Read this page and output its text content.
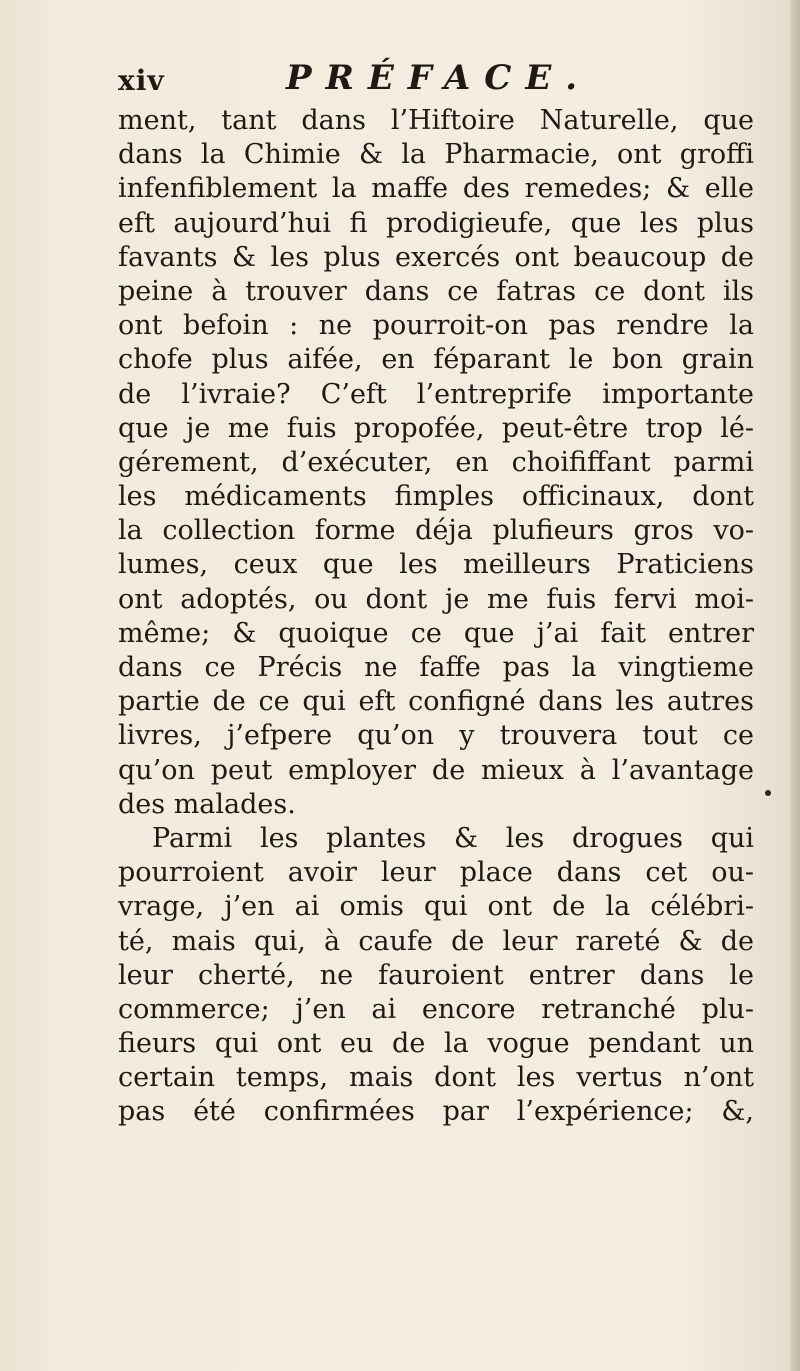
xiv	PRÉFACE.
ment, tant dans l’Hiftoire Naturelle, que
dans la Chimie & la Pharmacie, ont groffi
infenfiblement la maffe des remedes; & elle
eft aujourd’hui fi prodigieufe, que les plus
favants & les plus exercés ont beaucoup de
peine à trouver dans ce fatras ce dont ils
ont befoin : ne pourroit-on pas rendre la
chofe plus aifée, en féparant le bon grain
de l’ivraie? C’eft l’entreprife importante
que je me fuis propofée, peut-être trop lé-
gérement, d’exécuter, en choififfant parmi
les médicaments fimples officinaux, dont
la collection forme déja plufieurs gros vo-
lumes, ceux que les meilleurs Praticiens
ont adoptés, ou dont je me fuis fervi moi-
même; & quoique ce que j’ai fait entrer
dans ce Précis ne faffe pas la vingtieme
partie de ce qui eft configné dans les autres
livres, j’efpere qu’on y trouvera tout ce
qu’on peut employer de mieux à l’avantage
des malades.
Parmi les plantes & les drogues qui
pourroient avoir leur place dans cet ou-
vrage, j’en ai omis qui ont de la célébri-
té, mais qui, à caufe de leur rareté & de
leur cherté, ne fauroient entrer dans le
commerce; j’en ai encore retranché plu-
fieurs qui ont eu de la vogue pendant un
certain temps, mais dont les vertus n’ont
pas été confirmées par l’expérience; &,
